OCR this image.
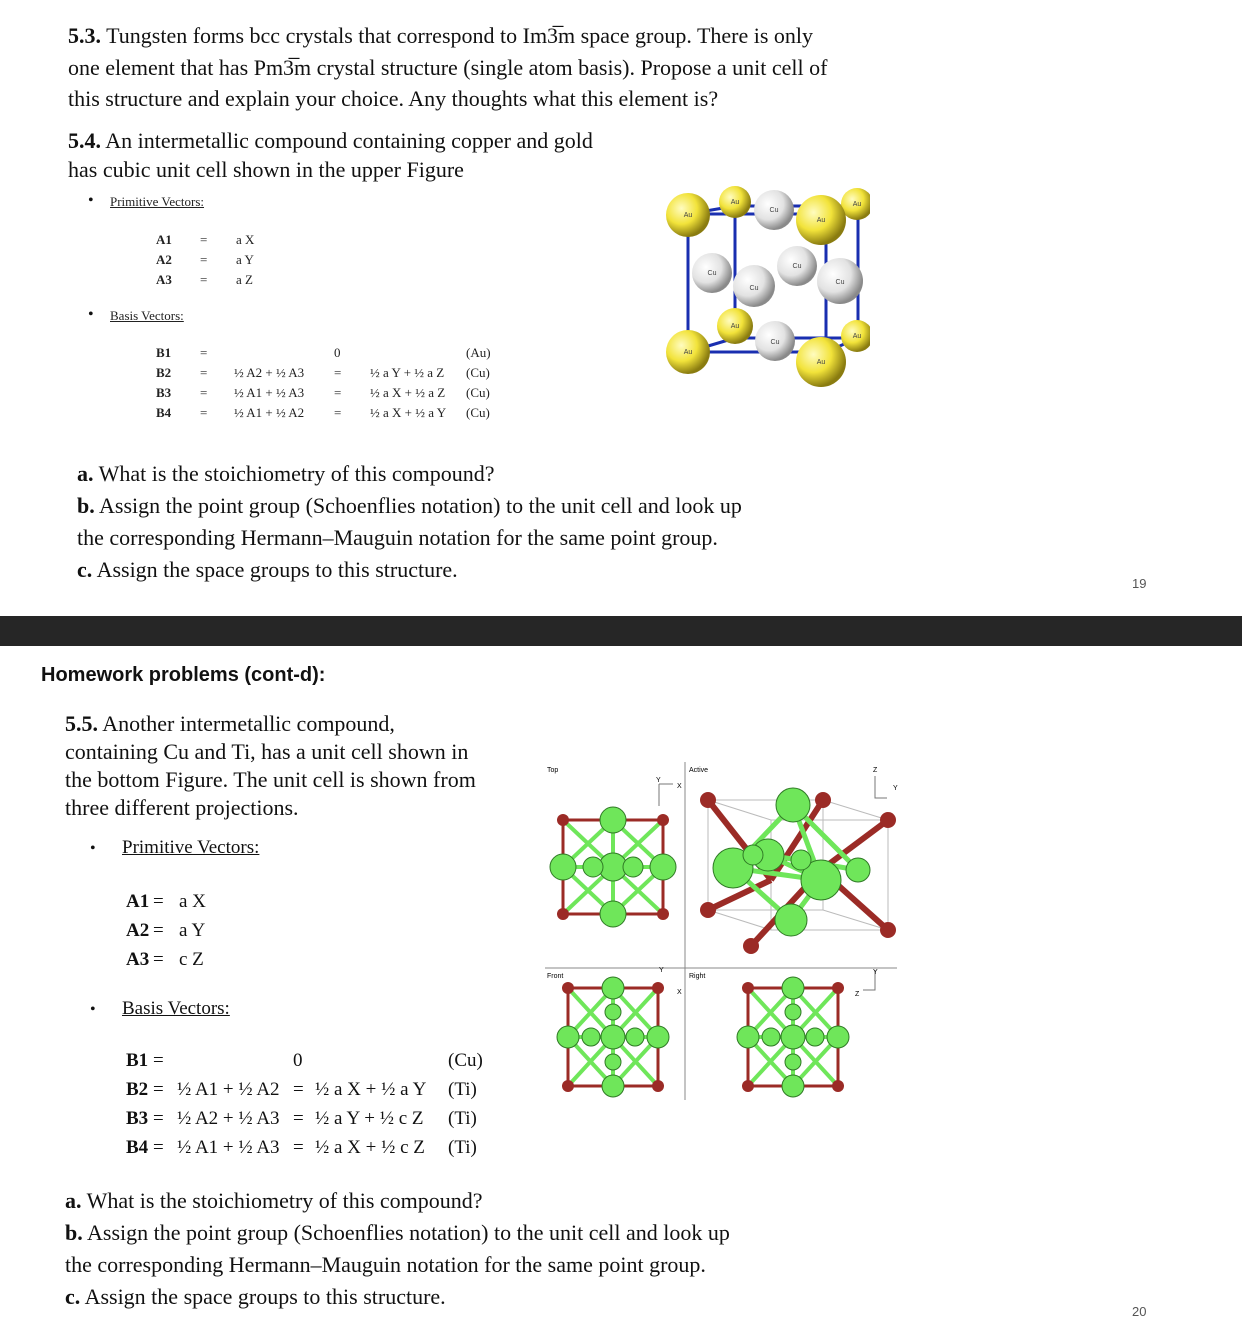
5.3. Tungsten forms bcc crystals that correspond to Im3̅m space group. There is only
one element that has Pm3̅m crystal structure (single atom basis). Propose a unit cell of
this structure and explain your choice. Any thoughts what this element is?
5.4. An intermetallic compound containing copper and gold
has cubic unit cell shown in the upper Figure
• Primitive Vectors:
A1	=	a X
A2	=	a Y
A3	=	a Z
• Basis Vectors:
B1	=		0		(Au)
B2	=	½ A2 + ½ A3	=	½ a Y + ½ a Z	(Cu)
B3	=	½ A1 + ½ A3	=	½ a X + ½ a Z	(Cu)
B4	=	½ A1 + ½ A2	=	½ a X + ½ a Y	(Cu)
Au	Au
Cu
Au
Au
Cu
Cu
Cu
Cu
Au
Au
Cu
Au
Au
a. What is the stoichiometry of this compound?
b. Assign the point group (Schoenflies notation) to the unit cell and look up
the corresponding Hermann–Mauguin notation for the same point group.
c. Assign the space groups to this structure.
19
Homework problems (cont-d):
5.5. Another intermetallic compound,
containing Cu and Ti, has a unit cell shown in
the bottom Figure. The unit cell is shown from
three different projections.
• Primitive Vectors:
A1	=	a X
A2	=	a Y
A3	=	c Z
• Basis Vectors:
B1	=		0		(Cu)
B2	=	½ A1 + ½ A2	=	½ a X + ½ a Y	(Ti)
B3	=	½ A2 + ½ A3	=	½ a Y + ½ c Z	(Ti)
B4	=	½ A1 + ½ A3	=	½ a X + ½ c Z	(Ti)
Top	Active
Front	Right
X
Y
Z
Y
Y
X
Y
Z
a. What is the stoichiometry of this compound?
b. Assign the point group (Schoenflies notation) to the unit cell and look up
the corresponding Hermann–Mauguin notation for the same point group.
c. Assign the space groups to this structure.
20
